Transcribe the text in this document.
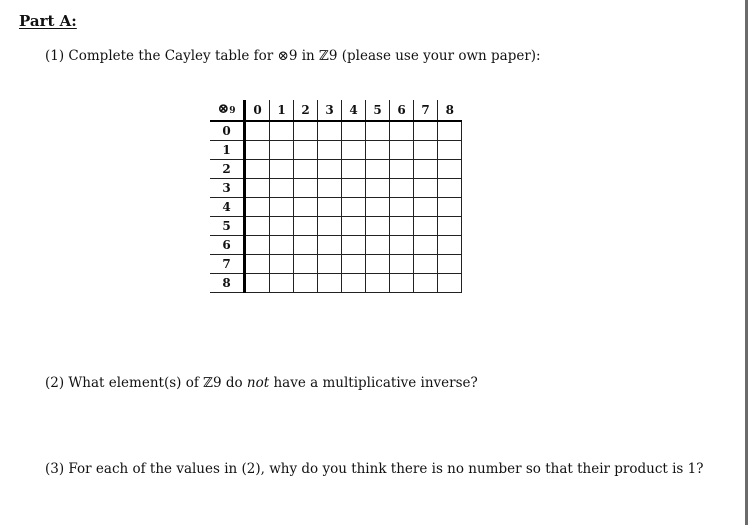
Part A:
(1) Complete the Cayley table for ⊗9 in ℤ9 (please use your own paper):
⊗9	0	1	2	3	4	5	6	7	8
0									
1									
2									
3									
4									
5									
6									
7									
8									
(2) What element(s) of ℤ9 do not have a multiplicative inverse?
(3) For each of the values in (2), why do you think there is no number so that their product is 1?
